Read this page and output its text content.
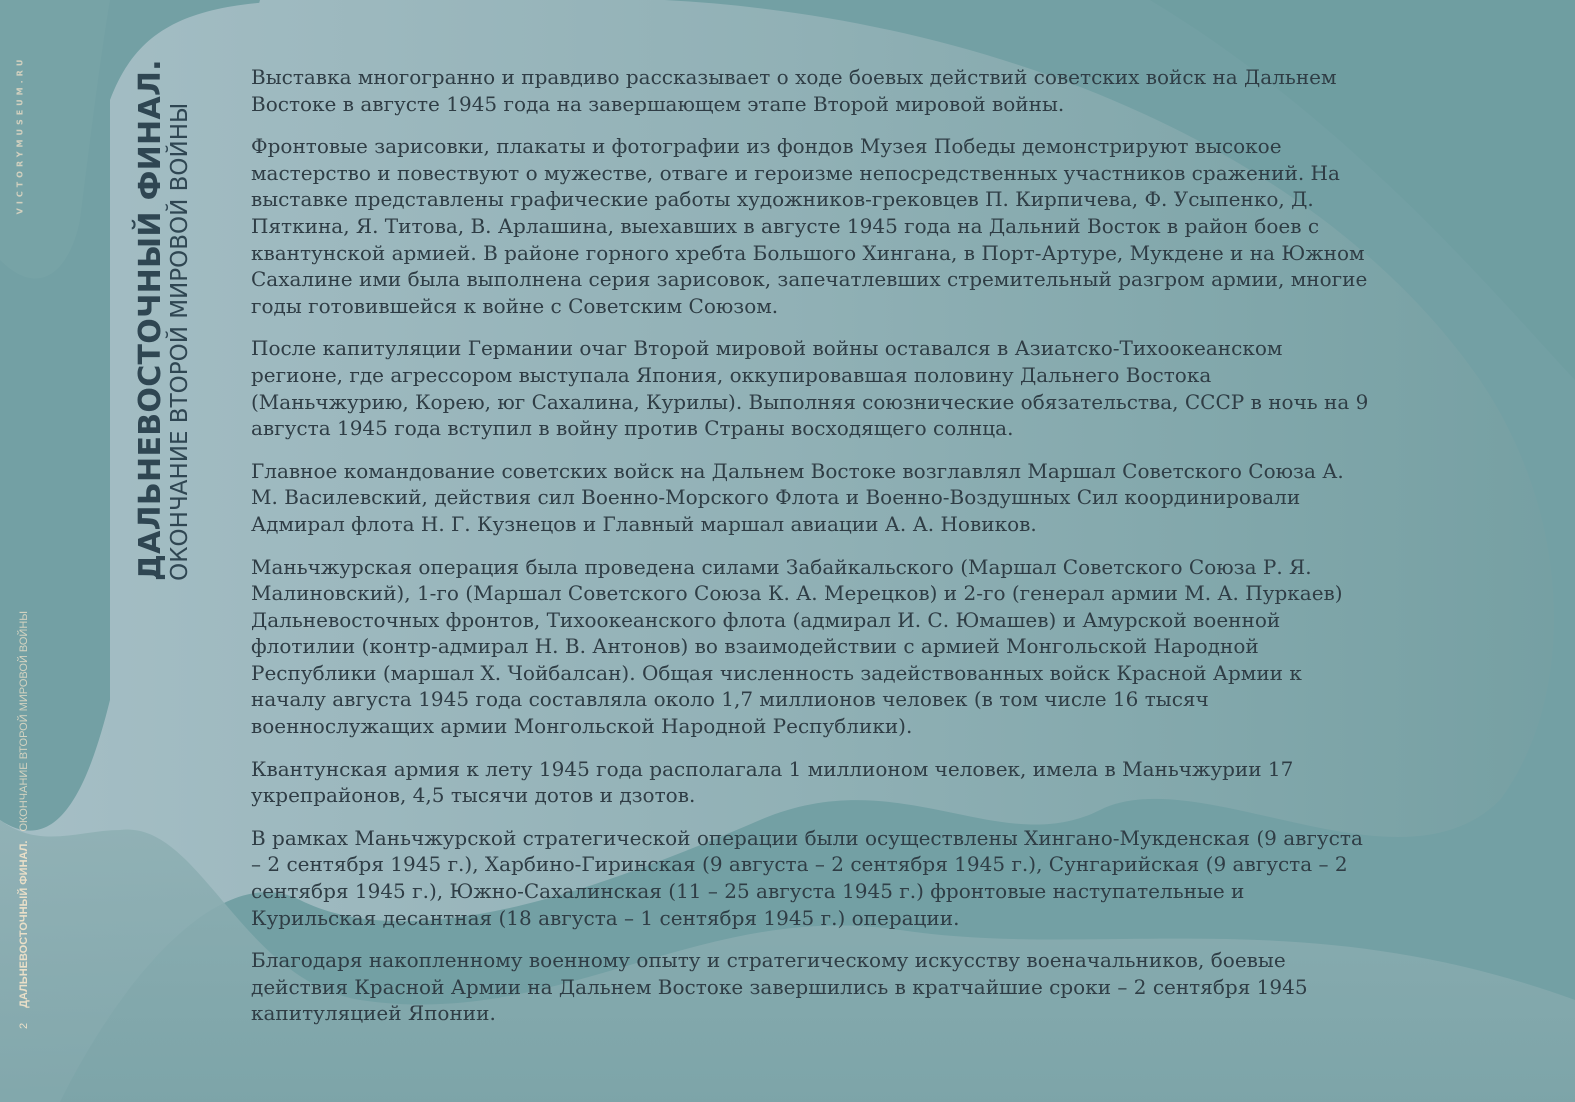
VICTORYMUSEUM.RU
2 ДАЛЬНЕВОСТОЧНЫЙ ФИНАЛ. ОКОНЧАНИЕ ВТОРОЙ МИРОВОЙ ВОЙНЫ
ДАЛЬНЕВОСТОЧНЫЙ ФИНАЛ. ОКОНЧАНИЕ ВТОРОЙ МИРОВОЙ ВОЙНЫ

Выставка многогранно и правдиво рассказывает о ходе боевых действий советских войск на Дальнем Востоке в августе 1945 года на завершающем этапе Второй мировой войны.

Фронтовые зарисовки, плакаты и фотографии из фондов Музея Победы демонстрируют высокое мастерство и повествуют о мужестве, отваге и героизме непосредственных участников сражений. На выставке представлены графические работы художников-грековцев П. Кирпичева, Ф. Усыпенко, Д. Пяткина, Я. Титова, В. Арлашина, выехавших в августе 1945 года на Дальний Восток в район боев с квантунской армией. В районе горного хребта Большого Хингана, в Порт-Артуре, Мукдене и на Южном Сахалине ими была выполнена серия зарисовок, запечатлевших стремительный разгром армии, многие годы готовившейся к войне с Советским Союзом.

После капитуляции Германии очаг Второй мировой войны оставался в Азиатско-Тихоокеанском регионе, где агрессором выступала Япония, оккупировавшая половину Дальнего Востока (Маньчжурию, Корею, юг Сахалина, Курилы). Выполняя союзнические обязательства, СССР в ночь на 9 августа 1945 года вступил в войну против Страны восходящего солнца.

Главное командование советских войск на Дальнем Востоке возглавлял Маршал Советского Союза А. М. Василевский, действия сил Военно-Морского Флота и Военно-Воздушных Сил координировали Адмирал флота Н. Г. Кузнецов и Главный маршал авиации А. А. Новиков.

Маньчжурская операция была проведена силами Забайкальского (Маршал Советского Союза Р. Я. Малиновский), 1-го (Маршал Советского Союза К. А. Мерецков) и 2-го (генерал армии М. А. Пуркаев) Дальневосточных фронтов, Тихоокеанского флота (адмирал И. С. Юмашев) и Амурской военной флотилии (контр-адмирал Н. В. Антонов) во взаимодействии с армией Монгольской Народной Республики (маршал Х. Чойбалсан). Общая численность задействованных войск Красной Армии к началу августа 1945 года составляла около 1,7 миллионов человек (в том числе 16 тысяч военнослужащих армии Монгольской Народной Республики).

Квантунская армия к лету 1945 года располагала 1 миллионом человек, имела в Маньчжурии 17 укрепрайонов, 4,5 тысячи дотов и дзотов.

В рамках Маньчжурской стратегической операции были осуществлены Хингано-Мукденская (9 августа – 2 сентября 1945 г.), Харбино-Гиринская (9 августа – 2 сентября 1945 г.), Сунгарийская (9 августа – 2 сентября 1945 г.), Южно-Сахалинская (11 – 25 августа 1945 г.) фронтовые наступательные и Курильская десантная (18 августа – 1 сентября 1945 г.) операции.

Благодаря накопленному военному опыту и стратегическому искусству военачальников, боевые действия Красной Армии на Дальнем Востоке завершились в кратчайшие сроки – 2 сентября 1945 капитуляцией Японии.
